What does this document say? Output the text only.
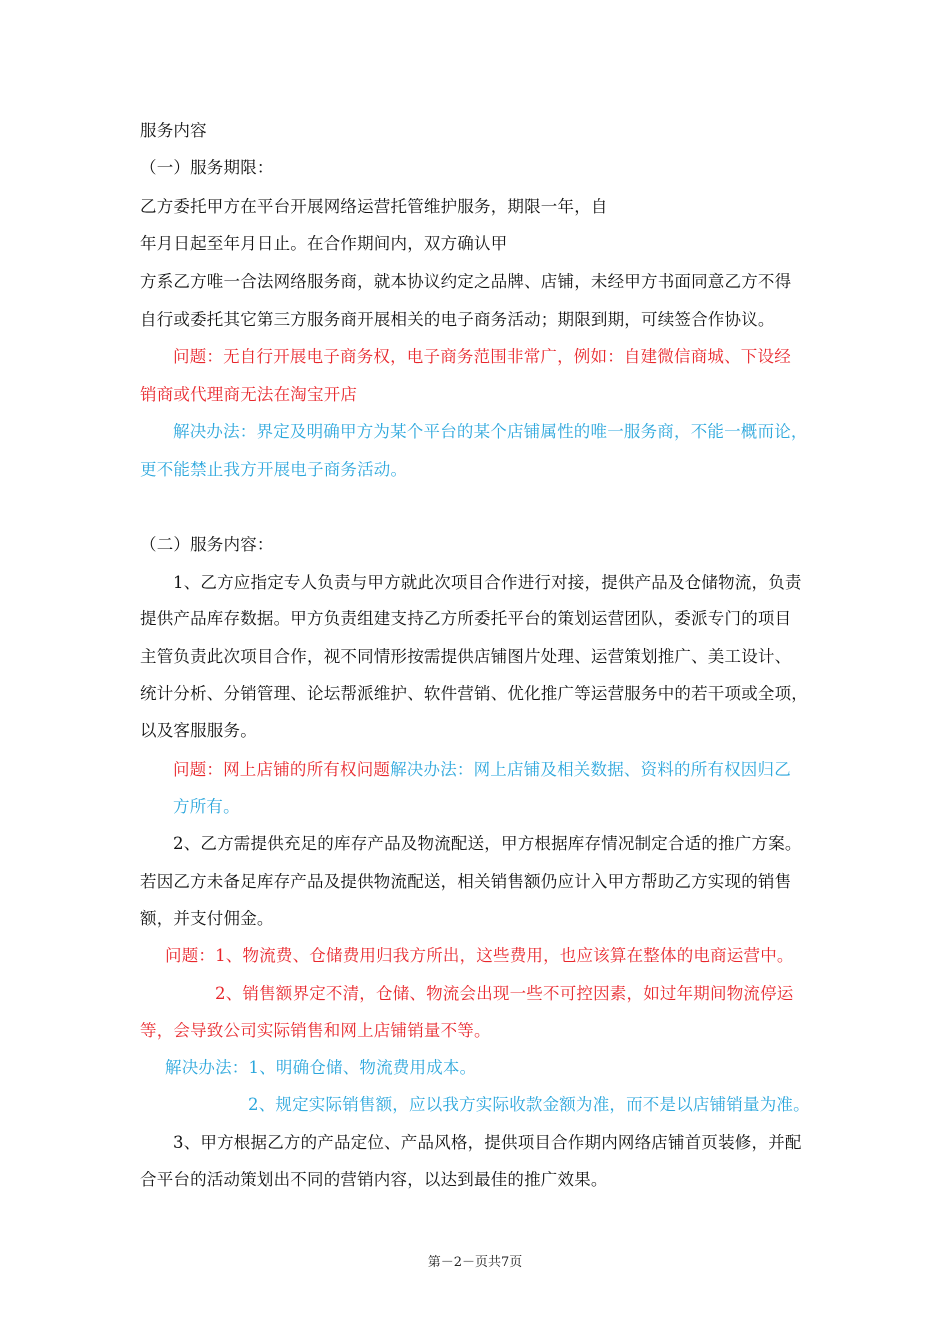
服务内容
（一）服务期限：
乙方委托甲方在平台开展网络运营托管维护服务，期限一年，自
年月日起至年月日止。在合作期间内，双方确认甲
方系乙方唯一合法网络服务商，就本协议约定之品牌、店铺，未经甲方书面同意乙方不得
自行或委托其它第三方服务商开展相关的电子商务活动；期限到期，可续签合作协议。
问题：无自行开展电子商务权，电子商务范围非常广，例如：自建微信商城、下设经
销商或代理商无法在淘宝开店
解决办法：界定及明确甲方为某个平台的某个店铺属性的唯一服务商，不能一概而论，
更不能禁止我方开展电子商务活动。
（二）服务内容：
1、乙方应指定专人负责与甲方就此次项目合作进行对接，提供产品及仓储物流，负责
提供产品库存数据。甲方负责组建支持乙方所委托平台的策划运营团队，委派专门的项目
主管负责此次项目合作，视不同情形按需提供店铺图片处理、运营策划推广、美工设计、
统计分析、分销管理、论坛帮派维护、软件营销、优化推广等运营服务中的若干项或全项，
以及客服服务。
问题：网上店铺的所有权问题解决办法：网上店铺及相关数据、资料的所有权因归乙
方所有。
2、乙方需提供充足的库存产品及物流配送，甲方根据库存情况制定合适的推广方案。
若因乙方未备足库存产品及提供物流配送，相关销售额仍应计入甲方帮助乙方实现的销售
额，并支付佣金。
问题：1、物流费、仓储费用归我方所出，这些费用，也应该算在整体的电商运营中。
2、销售额界定不清，仓储、物流会出现一些不可控因素，如过年期间物流停运
等，会导致公司实际销售和网上店铺销量不等。
解决办法：1、明确仓储、物流费用成本。
2、规定实际销售额，应以我方实际收款金额为准，而不是以店铺销量为准。
3、甲方根据乙方的产品定位、产品风格，提供项目合作期内网络店铺首页装修，并配
合平台的活动策划出不同的营销内容，以达到最佳的推广效果。
第－2－页共7页
